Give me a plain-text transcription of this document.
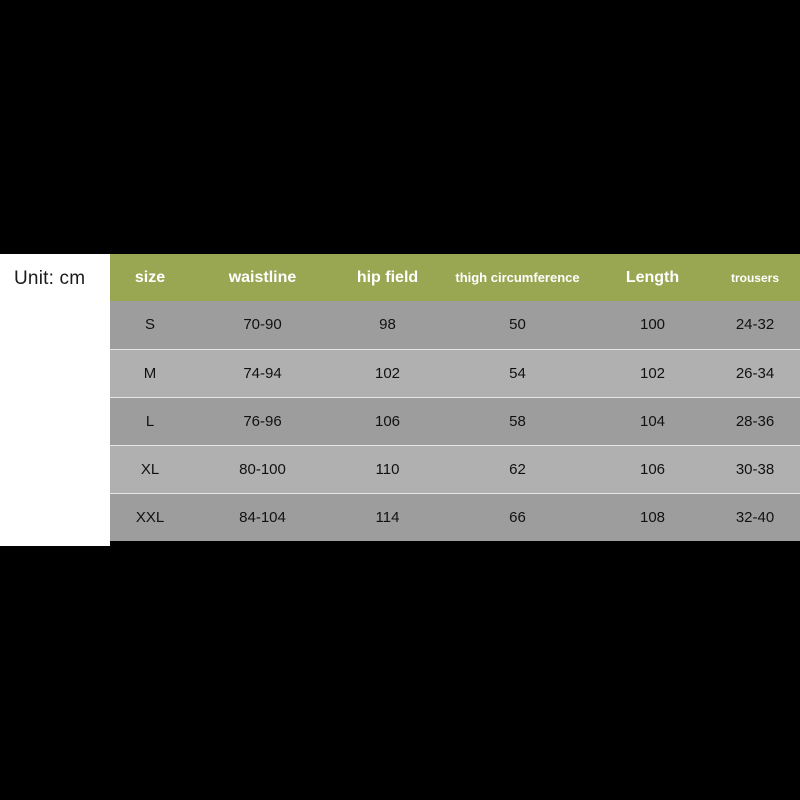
Unit: cm	size	waistline	hip field	thigh circumference	Length	trousers
S	70-90	98	50	100	24-32
M	74-94	102	54	102	26-34
L	76-96	106	58	104	28-36
XL	80-100	110	62	106	30-38
XXL	84-104	114	66	108	32-40
